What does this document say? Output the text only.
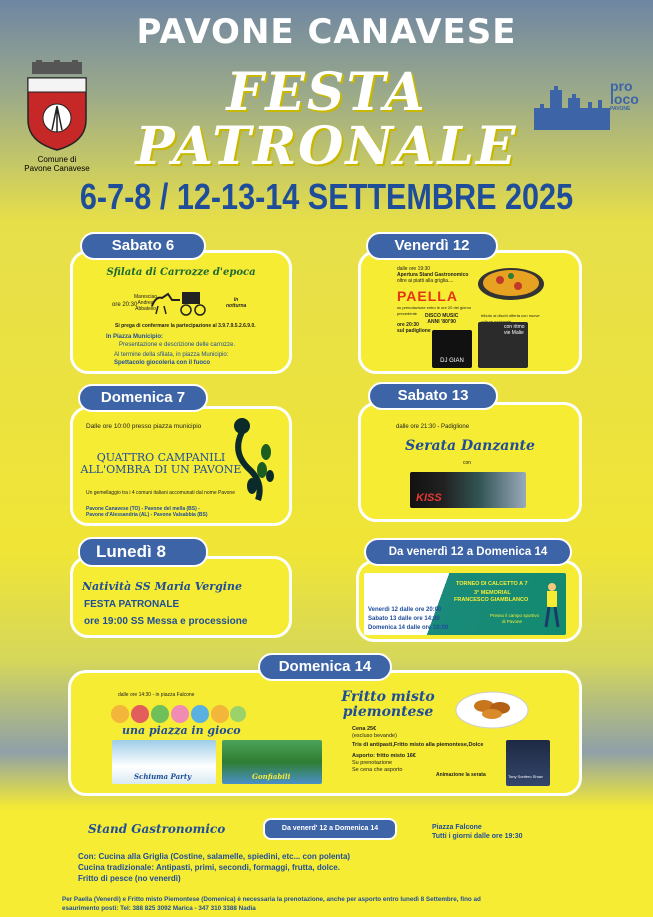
PAVONE CANAVESE
FESTA
PATRONALE
6-7-8 / 12-13-14 SETTEMBRE 2025
Comune di
Pavone Canavese
pro
loco
PAVONE
Sabato 6
Sfilata di Carrozze d'epoca
ore 20:30
Maresciao
Andrea
Abbatello
In
notturna
Si prega di confermare la partecipazione al 3.9.7.9.5.2.6.9.0.
In Piazza Municipio:
Presentazione e descrizione delle carrozze.
Al termine della sfilata, in piazza Municipio:
Spettacolo giocoleria con il fuoco
Venerdì 12
dalle ore 19:30
Apertura Stand Gastronomico
oltre ai piatti alla griglia....
PAELLA
su prenotazione entro le ore 20 del giorno precedente	DISCO MUSIC
ANNI '80/'90
tributo ai dischi offerta con nuove
ore 20:30
sul padiglione
DJ GIAN
con ritmo
vie Malie
Domenica 7
Dalle ore 10:00 presso piazza municipio
QUATTRO CAMPANILI
ALL'OMBRA DI UN PAVONE
Un gemellaggio tra i 4 comuni italiani accomunati dal nome Pavone
Pavone Canavese (TO) - Pavone del mella (BS) -
Pavone d'Alessandria (AL) - Pavone Valsabbia (BS)
Sabato 13
dalle ore 21:30 - Padiglione
Serata Danzante
con
KISS
Lunedì 8
Natività SS Maria Vergine
FESTA PATRONALE
ore 19:00 SS Messa e processione
Da venerdì 12 a Domenica 14
TORNEO DI CALCETTO A 7
3° MEMORIAL
FRANCESCO GIAMBLANCO
Presso il campo sportivo
di Pavone
Venerdì 12 dalle ore 20:00
Sabato 13 dalle ore 14:30
Domenica 14 dalle ore 10:00
Domenica 14
dalle ore 14:30 - in piazza Falcone
una piazza in gioco
Schiuma Party	Gonfiabili
Fritto misto
piemontese
Cena 25€
(escluso bevande)
Tris di antipasti,Fritto misto alla piemontese,Dolce
Asporto: fritto misto 16€
Su prenotazione
Se cena che asporto
Animazione la serata	Tony Sonfero Show
Stand Gastronomico	Da venerd' 12 a Domenica 14	Piazza Falcone
Tutti i giorni dalle ore 19:30
Con: Cucina alla Griglia (Costine, salamelle, spiedini, etc... con polenta)
Cucina tradizionale: Antipasti, primi, secondi, formaggi, frutta, dolce.
Fritto di pesce (no venerdì)
Per Paella (Venerdì) e Fritto misto Piemontese (Domenica) è necessaria la prenotazione, anche per asporto entro lunedì 8 Settembre, fino ad
esaurimento posti: Tel: 388 825 3092 Marica - 347 310 3388 Nadia
